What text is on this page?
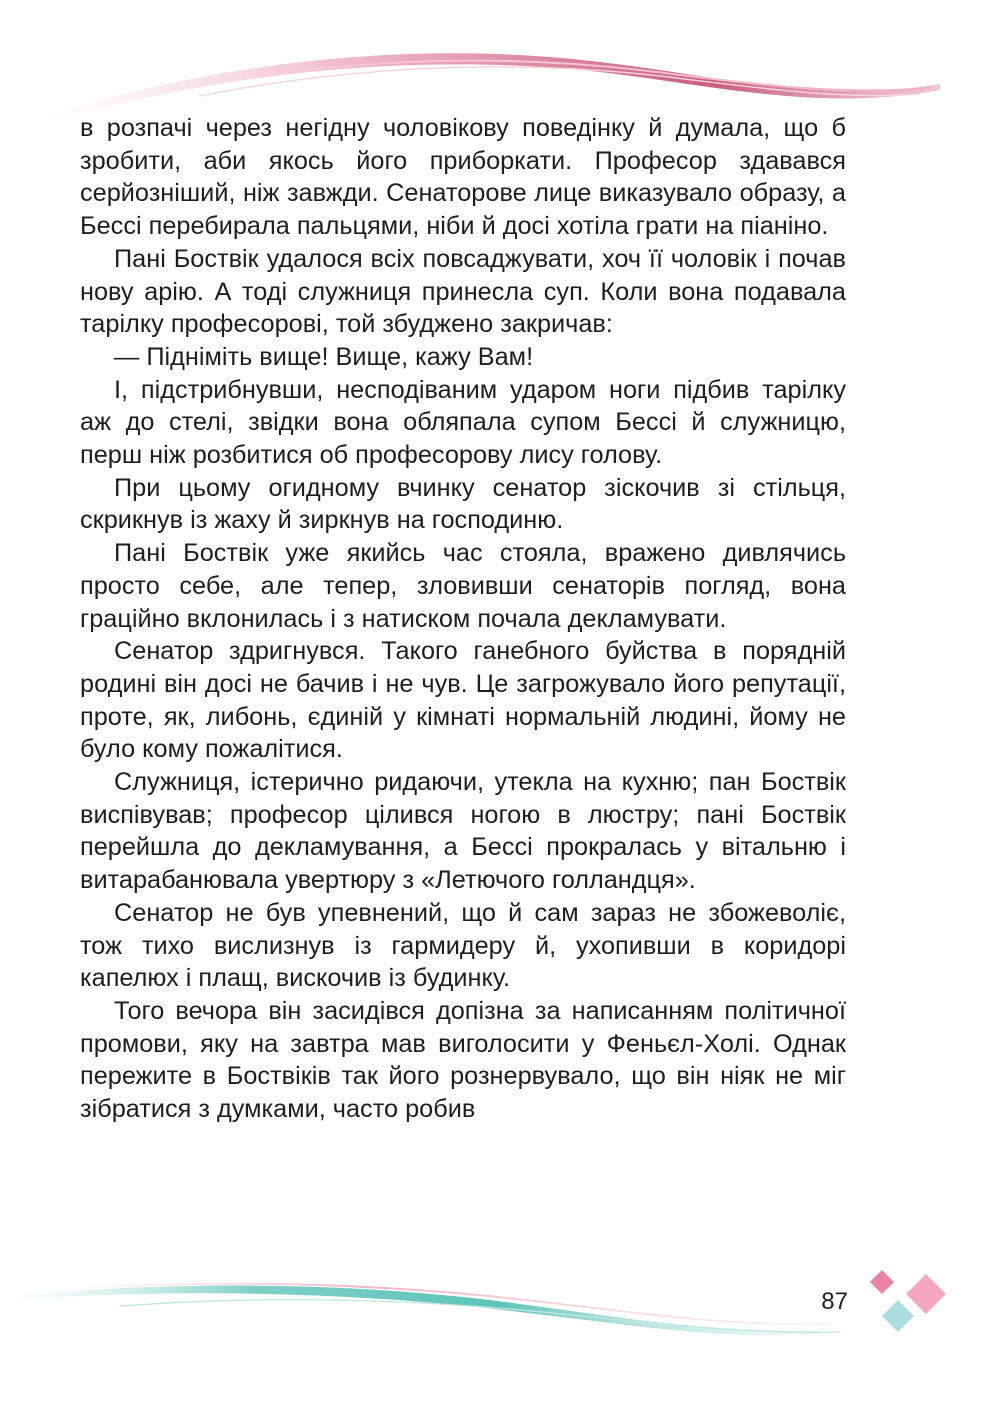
в розпачі через негідну чоловікову поведінку й думала, що б зробити, аби якось його приборкати. Професор здавався серйозніший, ніж завжди. Сенаторове лице виказувало образу, а Бессі перебирала пальцями, ніби й досі хотіла грати на піаніно.

Пані Боствік удалося всіх повсаджувати, хоч її чоловік і почав нову арію. А тоді служниця принесла суп. Коли вона подавала тарілку професорові, той збуджено закричав:

— Підніміть вище! Вище, кажу Вам!

І, підстрибнувши, несподіваним ударом ноги підбив тарілку аж до стелі, звідки вона обляпала супом Бессі й служницю, перш ніж розбитися об професорову лису голову.

При цьому огидному вчинку сенатор зіскочив зі стільця, скрикнув із жаху й зиркнув на господиню.

Пані Боствік уже якийсь час стояла, вражено дивлячись просто себе, але тепер, зловивши сенаторів погляд, вона граційно вклонилась і з натиском почала декламувати.

Сенатор здригнувся. Такого ганебного буйства в порядній родині він досі не бачив і не чув. Це загрожувало його репутації, проте, як, либонь, єдиній у кімнаті нормальній людині, йому не було кому пожалітися.

Служниця, істерично ридаючи, утекла на кухню; пан Боствік виспівував; професор цілився ногою в люстру; пані Боствік перейшла до декламування, а Бессі прокралась у вітальню і витарабанювала увертюру з «Летючого голландця».

Сенатор не був упевнений, що й сам зараз не збожеволіє, тож тихо вислизнув із гармидеру й, ухопивши в коридорі капелюх і плащ, вискочив із будинку.

Того вечора він засидівся допізна за написанням політичної промови, яку на завтра мав виголосити у Феньєл-Холі. Однак пережите в Боствіків так його рознервувало, що він ніяк не міг зібратися з думками, часто робив

87
